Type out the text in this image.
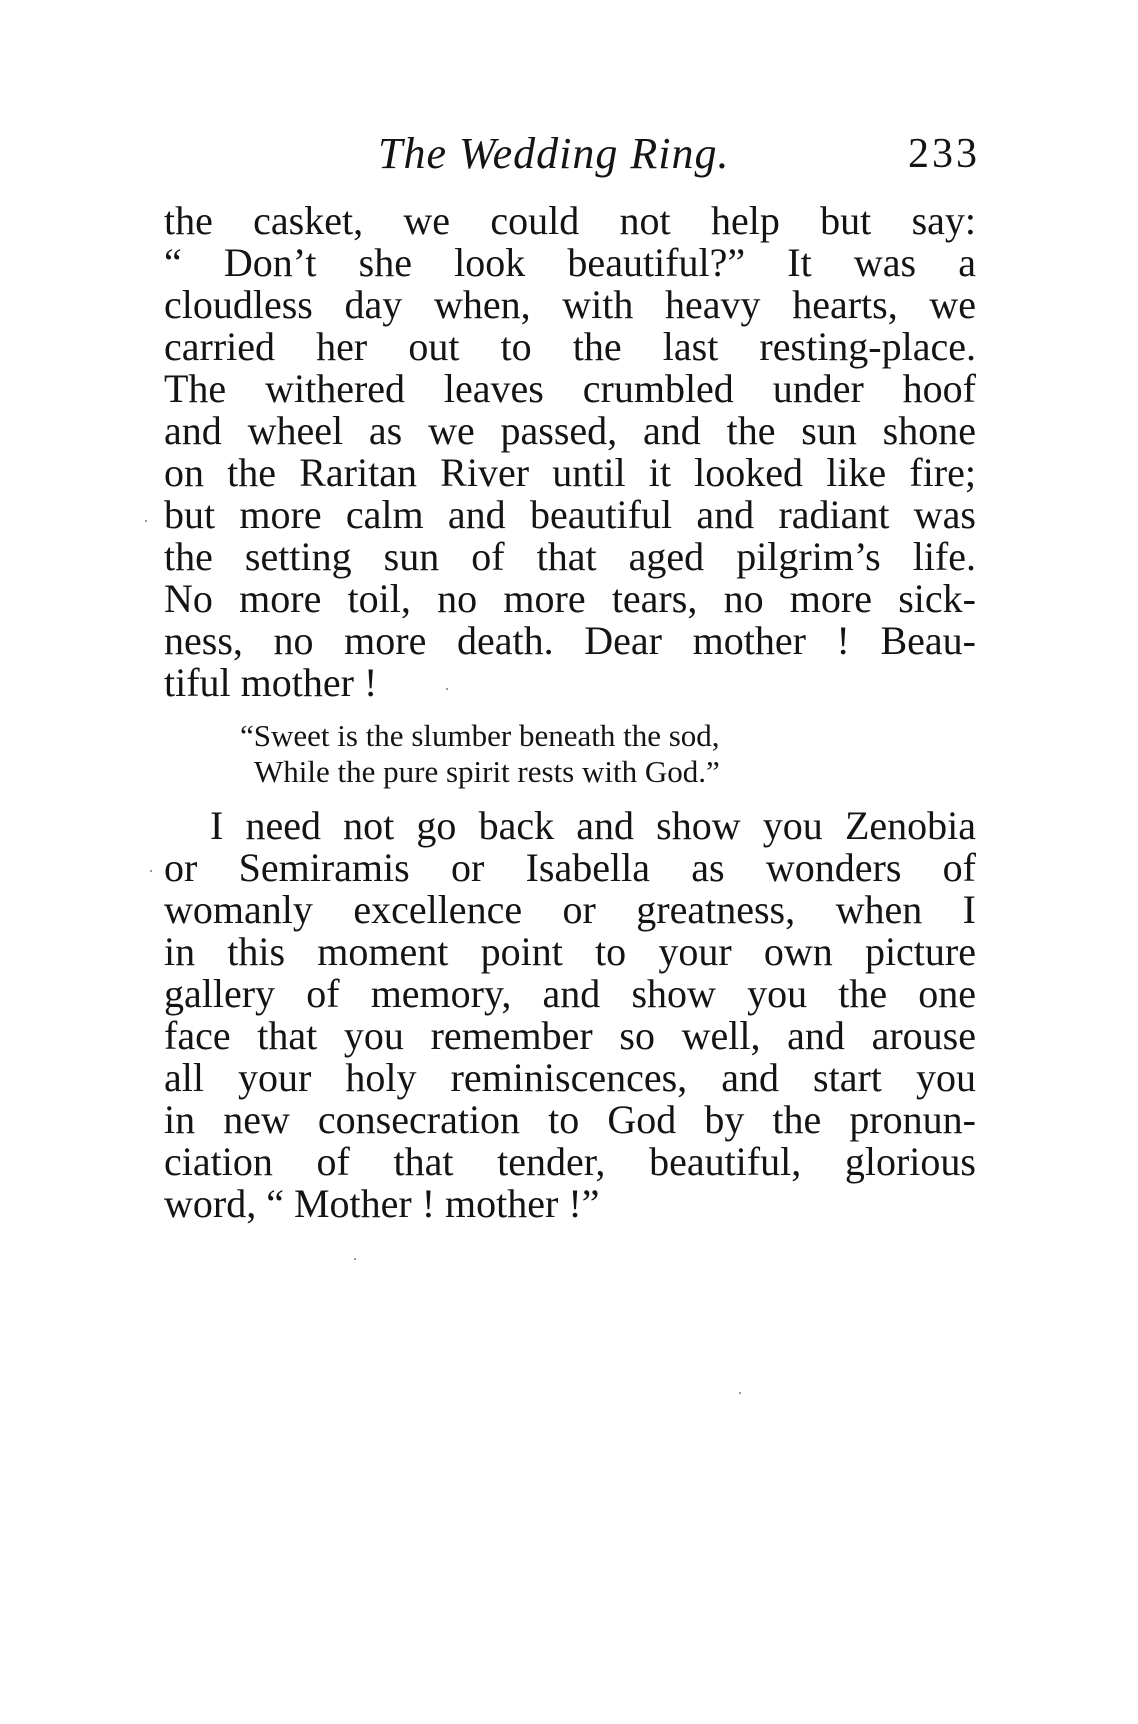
The Wedding Ring.	233
the casket, we could not help but say:
“ Don’t she look beautiful?” It was a
cloudless day when, with heavy hearts, we
carried her out to the last resting-place.
The withered leaves crumbled under hoof
and wheel as we passed, and the sun shone
on the Raritan River until it looked like fire;
but more calm and beautiful and radiant was
the setting sun of that aged pilgrim’s life.
No more toil, no more tears, no more sick-
ness, no more death. Dear mother ! Beau-
tiful mother !
“Sweet is the slumber beneath the sod,
While the pure spirit rests with God.”
I need not go back and show you Zenobia
or Semiramis or Isabella as wonders of
womanly excellence or greatness, when I
in this moment point to your own picture
gallery of memory, and show you the one
face that you remember so well, and arouse
all your holy reminiscences, and start you
in new consecration to God by the pronun-
ciation of that tender, beautiful, glorious
word, “ Mother ! mother !”
